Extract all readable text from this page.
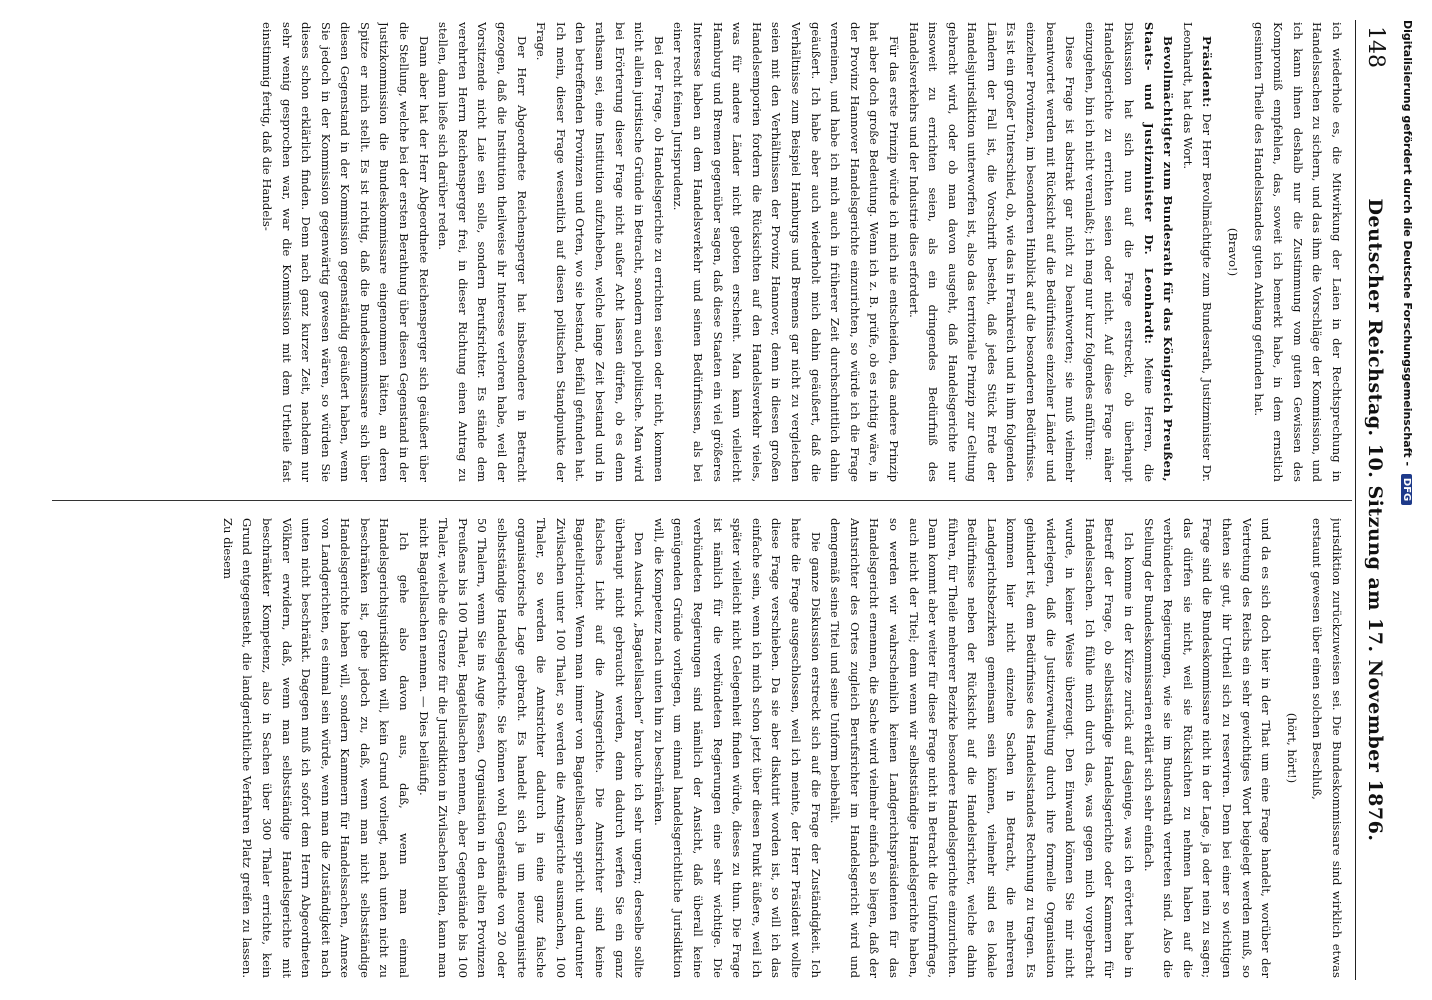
148
Deutscher Reichstag. 10. Sitzung am 17. November 1876.

ich wiederhole es, die Mitwirkung der Laien in der Rechtsprechung in Handelssachen zu sichern, und das ihm die Vorschläge der Kommission, und ich kann ihnen deshalb nur die Zustimmung vom guten Gewissen des Kompromiß empfehlen, das, soweit ich bemerkt habe, in dem ernstlich gesinnten Theile des Handelsstandes guten Anklang gefunden hat.

(Bravo!)

Präsident: Der Herr Bevollmächtigte zum Bundesrath, Justizminister Dr. Leonhardt, hat das Wort.

Bevollmächtigter zum Bundesrath für das Königreich Preußen, Staats- und Justizminister Dr. Leonhardt: Meine Herren, die Diskussion hat sich nun auf die Frage erstreckt, ob überhaupt Handelsgerichte zu errichten seien oder nicht. Auf diese Frage näher einzugehen, bin ich nicht veranlaßt; ich mag nur kurz folgendes anführen:

Diese Frage ist abstrakt gar nicht zu beantworten; sie muß vielmehr beantwortet werden mit Rücksicht auf die Bedürfnisse einzelner Länder und einzelner Provinzen, im besonderen Hinblick auf die besonderen Bedürfnisse. Es ist ein großer Unterschied, ob, wie das in Frankreich und in ihm folgenden Ländern der Fall ist, die Vorschrift besteht, daß jedes Stück Erde der Handelsjurisdiktion unterworfen ist, also das territoriale Prinzip zur Geltung gebracht wird, oder ob man davon ausgeht, daß Handelsgerichte nur insoweit zu errichten seien, als ein dringendes Bedürfniß des Handelsverkehrs und der Industrie dies erfordert.

Für das erste Prinzip würde ich mich nie entscheiden, das andere Prinzip hat aber doch große Bedeutung. Wenn ich z. B. prüfe, ob es richtig wäre, in der Provinz Hannover Handelsgerichte einzurichten, so würde ich die Frage verneinen, und habe ich mich auch in früherer Zeit durchschnittlich dahin geäußert. Ich habe aber auch wiederholt mich dahin geäußert, daß die Verhältnisse zum Beispiel Hamburgs und Bremens gar nicht zu vergleichen seien mit den Verhältnissen der Provinz Hannover, denn in diesen großen Handelsemporien fordern die Rücksichten auf den Handelsverkehr vieles, was für andere Länder nicht geboten erscheint. Man kann vielleicht Hamburg und Bremen gegenüber sagen, daß diese Staaten ein viel größeres Interesse haben an dem Handelsverkehr und seinen Bedürfnissen, als bei einer recht feinen Jurisprudenz.

Bei der Frage, ob Handelsgerichte zu errichten seien oder nicht, kommen nicht allein juristische Gründe in Betracht, sondern auch politische. Man wird bei Erörterung dieser Frage nicht außer Acht lassen dürfen, ob es denn rathsam sei, eine Institution aufzuheben, welche lange Zeit bestand und in den betreffenden Provinzen und Orten, wo sie bestand, Beifall gefunden hat. Ich mein, dieser Frage wesentlich auf diesen politischen Standpunkte der Frage.

Der Herr Abgeordnete Reichensperger hat insbesondere in Betracht gezogen, daß die Institution theilweise ihr Interesse verloren habe, weil der Vorsitzende nicht Laie sein solle, sondern Berufsrichter. Es stände dem verehrten Herrn Reichensperger frei, in dieser Richtung einen Antrag zu stellen, dann ließe sich darüber reden.

Dann aber hat der Herr Abgeordnete Reichensperger sich geäußert über die Stellung, welche bei der ersten Berathung über diesen Gegenstand in der Justizkommission die Bundeskommissare eingenommen hätten, an deren Spitze er mich stellt. Es ist richtig, daß die Bundeskommissare sich über diesen Gegenstand in der Kommission gegenständig geäußert haben, wenn Sie jedoch in der Kommission gegenwärtig gewesen wären, so würden Sie dieses schon erklärlich finden. Denn nach ganz kurzer Zeit, nachdem nur sehr wenig gesprochen war, war die Kommission mit dem Urtheile fast einstimmig fertig, daß die Handels-

jurisdiktion zurückzuweisen sei. Die Bundeskommissare sind wirklich etwas erstaunt gewesen über einen solchen Beschluß,

(hört, hört!)

und da es sich doch hier in der That um eine Frage handelt, worüber der Vertretung des Reichs ein sehr gewichtiges Wort beigelegt werden muß, so thaten sie gut, ihr Urtheil sich zu reserviren. Denn bei einer so wichtigen Frage sind die Bundeskommissare nicht in der Lage, ja oder nein zu sagen; das dürfen sie nicht, weil sie Rücksichten zu nehmen haben auf die verbündeten Regierungen, wie sie im Bundesrath vertreten sind. Also die Stellung der Bundeskommissarien erklärt sich sehr einfach.

Ich komme in der Kürze zurück auf dasjenige, was ich erörtert habe in Betreff der Frage, ob selbstständige Handelsgerichte oder Kammern für Handelssachen. Ich fühle mich durch das, was gegen mich vorgebracht wurde, in keiner Weise überzeugt. Den Einwand können Sie mir nicht widerlegen, daß die Justizverwaltung durch ihre formelle Organisation gehindert ist, dem Bedürfnisse des Handelsstandes Rechnung zu tragen. Es kommen hier nicht einzelne Sachen in Betracht, die mehreren Landgerichtsbezirken gemeinsam sein können, vielmehr sind es lokale Bedürfnisse neben der Rücksicht auf die Handelsrichter, welche dahin führen, für Theile mehrerer Bezirke besondere Handelsgerichte einzurichten. Dann kommt aber weiter für diese Frage nicht in Betracht die Uniformfrage, auch nicht der Titel; denn wenn wir selbstständige Handelsgerichte haben, so werden wir wahrscheinlich keinen Landgerichtspräsidenten für das Handelsgericht ernennen, die Sache wird vielmehr einfach so liegen, daß der Amtsrichter des Ortes zugleich Berufsrichter im Handelsgericht wird und demgemäß seine Titel und seine Uniform beibehält.

Die ganze Diskussion erstreckt sich auf die Frage der Zuständigkeit. Ich hatte die Frage ausgeschlossen, weil ich meinte, der Herr Präsident wollte diese Frage verschieben. Da sie aber diskutirt worden ist, so will ich das einfache sein, wenn ich mich schon jetzt über diesen Punkt äußere, weil ich später vielleicht nicht Gelegenheit finden würde, dieses zu thun. Die Frage ist nämlich für die verbündeten Regierungen eine sehr wichtige. Die verbündeten Regierungen sind nämlich der Ansicht, daß überall keine genügenden Gründe vorliegen, um einmal handelsgerichtliche Jurisdiktion will, die Kompetenz nach unten hin zu beschränken.

Den Ausdruck „Bagatellsachen“ brauche ich sehr ungern; derselbe sollte überhaupt nicht gebraucht werden, denn dadurch werfen Sie ein ganz falsches Licht auf die Amtsgerichte. Die Amtsrichter sind keine Bagatellrichter. Wenn man immer von Bagatellsachen spricht und darunter Zivilsachen unter 100 Thaler, so werden die Amtsgerichte ausmachen, 100 Thaler, so werden die Amtsrichter dadurch in eine ganz falsche organisatorische Lage gebracht. Es handelt sich ja um neuorganisirte selbstständige Handelsgerichte. Sie können wohl Gegenstände von 20 oder 50 Thalern, wenn Sie ins Auge fassen, Organisation in den alten Provinzen Preußens bis 100 Thaler, Bagatellsachen nennen, aber Gegenstände bis 100 Thaler, welche die Grenze für die Jurisdiktion in Zivilsachen bilden, kann man nicht Bagatellsachen nennen. — Dies beiläufig.

Ich gehe also davon aus, daß, wenn man einmal Handelsgerichtsjurisdiktion will, kein Grund vorliegt, nach unten nicht zu beschränken ist, gehe jedoch zu, daß, wenn man nicht selbstständige Handelsgerichte haben will, sondern Kammern für Handelssachen, Annexe von Landgerichten, es einmal sein würde, wenn man die Zuständigkeit nach unten nicht beschränkt. Dagegen muß ich sofort dem Herrn Abgeordneten Völkner erwidern, daß, wenn man selbstständige Handelsgerichte mit beschränkter Kompetenz, also in Sachen über 300 Thaler errichte, kein Grund entgegensteht, die landgerichtliche Verfahren Platz greifen zu lassen. Zu diesem

Digitalisierung gefördert durch die Deutsche Forschungsgemeinschaft - DFG
